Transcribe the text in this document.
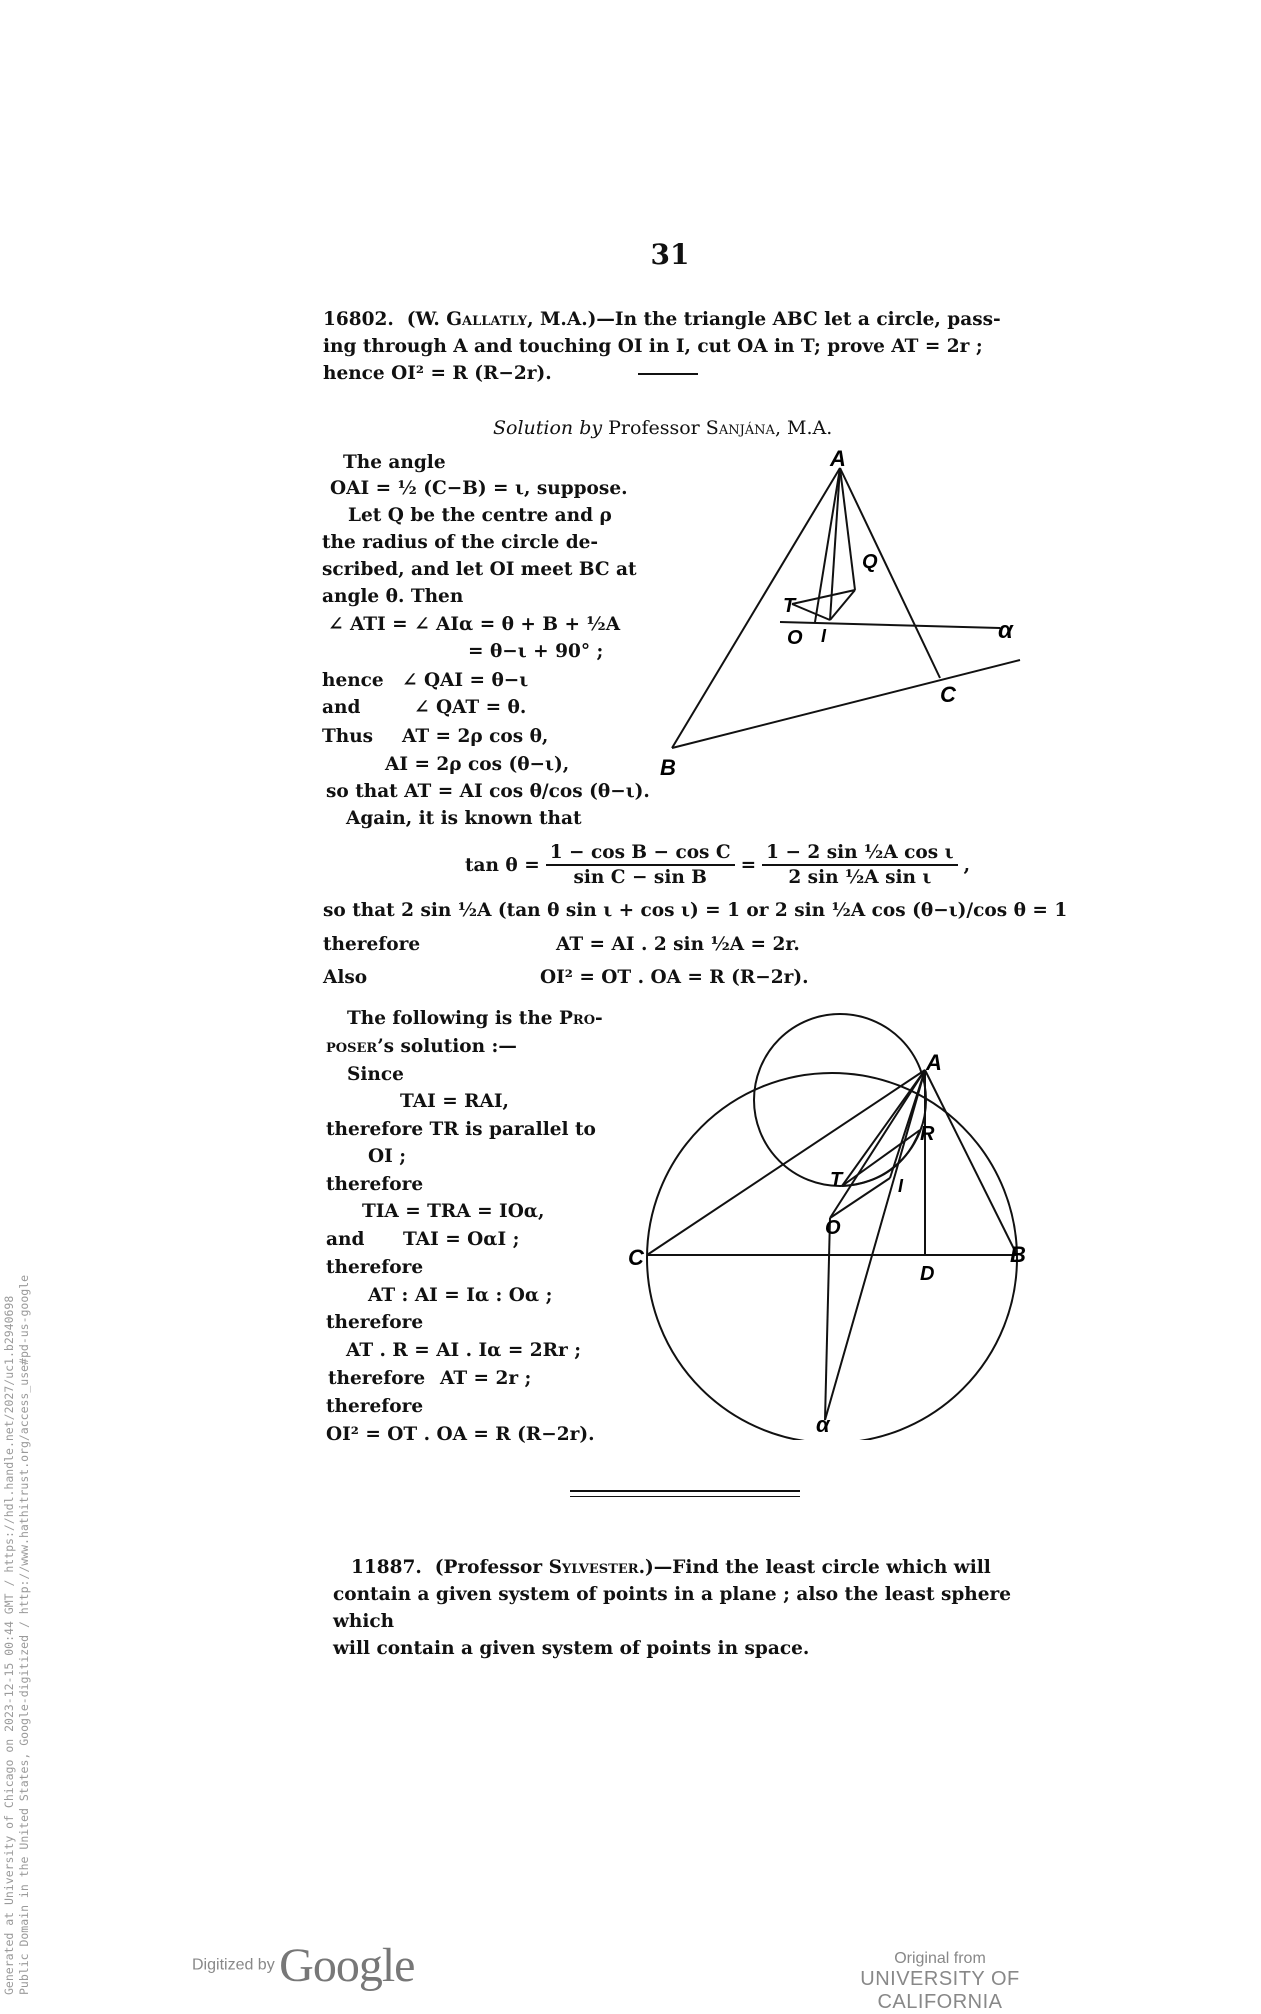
Generated at University of Chicago on 2023-12-15 00:44 GMT / https://hdl.handle.net/2027/uc1.b2940698 Public Domain in the United States, Google-digitized / http://www.hathitrust.org/access_use#pd-us-google
31
16802. (W. Gallatly, M.A.)—In the triangle ABC let a circle, pass-
ing through A and touching OI in I, cut OA in T; prove AT = 2r ;
hence OI² = R (R−2r).
Solution by Professor Sanjána, M.A.
The angle
OAI = ½ (C−B) = ι, suppose.
Let Q be the centre and ρ
the radius of the circle de-
scribed, and let OI meet BC at
angle θ. Then
∠ ATI = ∠ AIα = θ + B + ½A
= θ−ι + 90° ;
hence ∠ QAI = θ−ι
and	∠ QAT = θ.
Thus AT = 2ρ cos θ,
AI = 2ρ cos (θ−ι),
so that AT = AI cos θ/cos (θ−ι).
Again, it is known that
A
Q
T
O I	α
C
B
$\tan \theta = \frac{\text{1 − cos B − cos C}}{\text{sin C − sin B}} = \frac{\text{1 − 2 sin ½A cos ι}}{\text{2 sin ½A sin ι}}$ ,
so that 2 sin ½A (tan θ sin ι + cos ι) = 1 or 2 sin ½A cos (θ−ι)/cos θ = 1
therefore	AT = AI . 2 sin ½A = 2r.
Also	OI² = OT . OA = R (R−2r).
The following is the Pro-
poser’s solution :—
Since
TAI = RAI,
therefore TR is parallel to
OI ;
therefore
TIA = TRA = IOα,
and TAI = OαI ;
therefore
AT : AI = Iα : Oα ;
therefore
AT . R = AI . Iα = 2Rr ;
therefore AT = 2r ;
therefore
OI² = OT . OA = R (R−2r).
A
R
T	I
O
C
D
B
α
11887. (Professor Sylvester.)—Find the least circle which will
contain a given system of points in a plane ; also the least sphere which
will contain a given system of points in space.
Digitized by Google	Original from
UNIVERSITY OF CALIFORNIA
